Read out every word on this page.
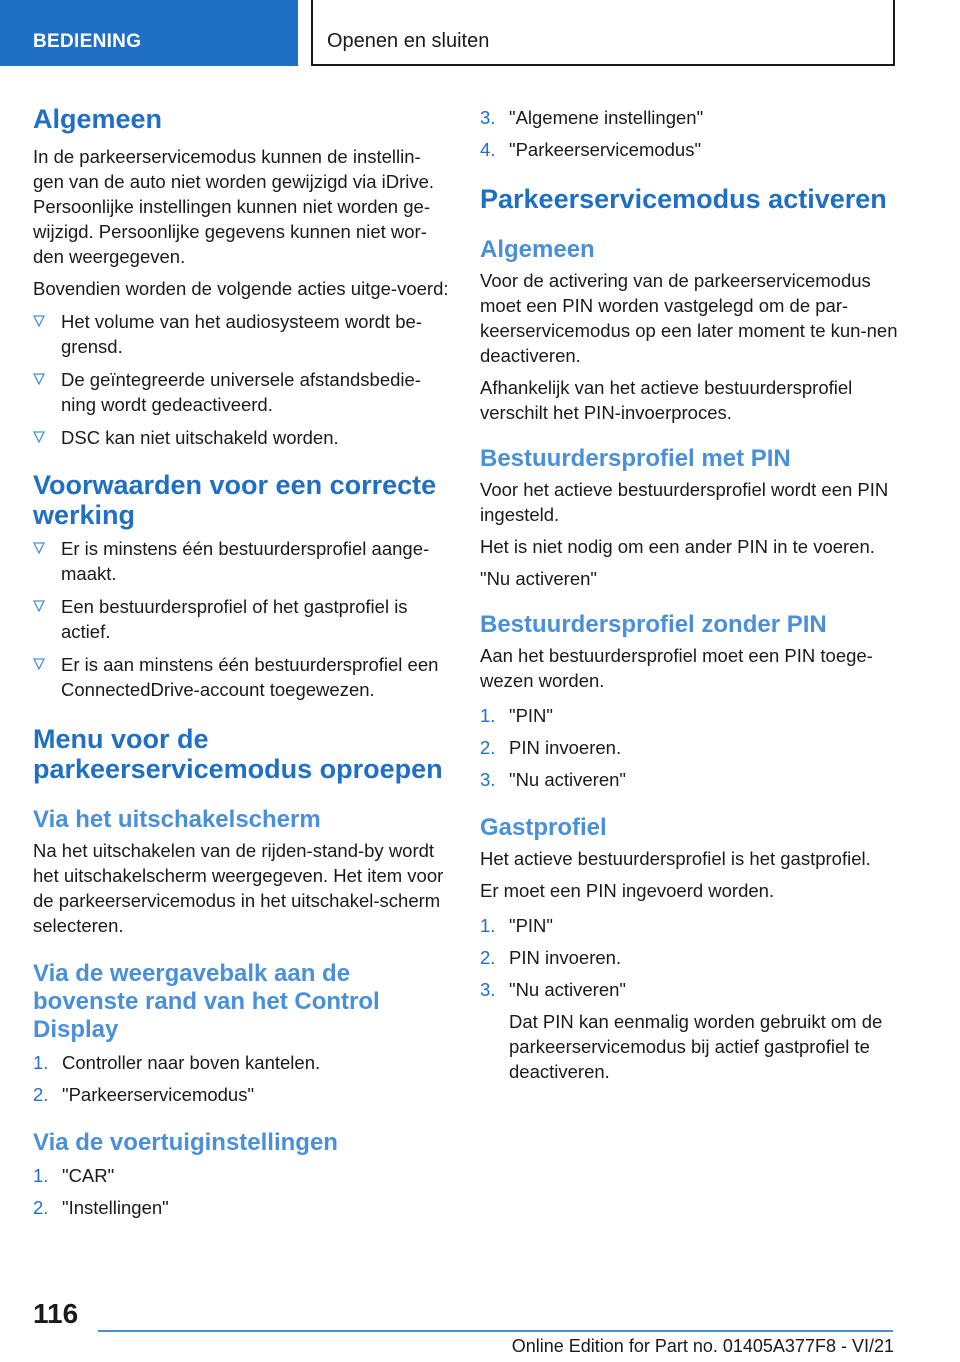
BEDIENING	Openen en sluiten
Algemeen

In de parkeerservicemodus kunnen de instellin-gen van de auto niet worden gewijzigd via iDrive. Persoonlijke instellingen kunnen niet worden ge-wijzigd. Persoonlijke gegevens kunnen niet wor-den weergegeven.

Bovendien worden de volgende acties uitge-voerd:

Het volume van het audiosysteem wordt be-grensd.
De geïntegreerde universele afstandsbedie-ning wordt gedeactiveerd.
DSC kan niet uitschakeld worden.
Voorwaarden voor een correcte werking
Er is minstens één bestuurdersprofiel aange-maakt.
Een bestuurdersprofiel of het gastprofiel is actief.
Er is aan minstens één bestuurdersprofiel een ConnectedDrive-account toegewezen.
Menu voor de parkeerservicemodus oproepen
Via het uitschakelscherm

Na het uitschakelen van de rijden-stand-by wordt het uitschakelscherm weergegeven. Het item voor de parkeerservicemodus in het uitschakel-scherm selecteren.

Via de weergavebalk aan de bovenste rand van het Control Display
1. Controller naar boven kantelen.
2. "Parkeerservicemodus"
Via de voertuiginstellingen
1. "CAR"
2. "Instellingen"
3. "Algemene instellingen"
4. "Parkeerservicemodus"
Parkeerservicemodus activeren
Algemeen

Voor de activering van de parkeerservicemodus moet een PIN worden vastgelegd om de par-keerservicemodus op een later moment te kun-nen deactiveren.

Afhankelijk van het actieve bestuurdersprofiel verschilt het PIN-invoerproces.

Bestuurdersprofiel met PIN

Voor het actieve bestuurdersprofiel wordt een PIN ingesteld.

Het is niet nodig om een ander PIN in te voeren.

"Nu activeren"

Bestuurdersprofiel zonder PIN

Aan het bestuurdersprofiel moet een PIN toege-wezen worden.

1. "PIN"
2. PIN invoeren.
3. "Nu activeren"
Gastprofiel

Het actieve bestuurdersprofiel is het gastprofiel.

Er moet een PIN ingevoerd worden.

1. "PIN"
2. PIN invoeren.
3. "Nu activeren"
Dat PIN kan eenmalig worden gebruikt om de parkeerservicemodus bij actief gastprofiel te deactiveren.
116
Online Edition for Part no. 01405A377F8 - VI/21
